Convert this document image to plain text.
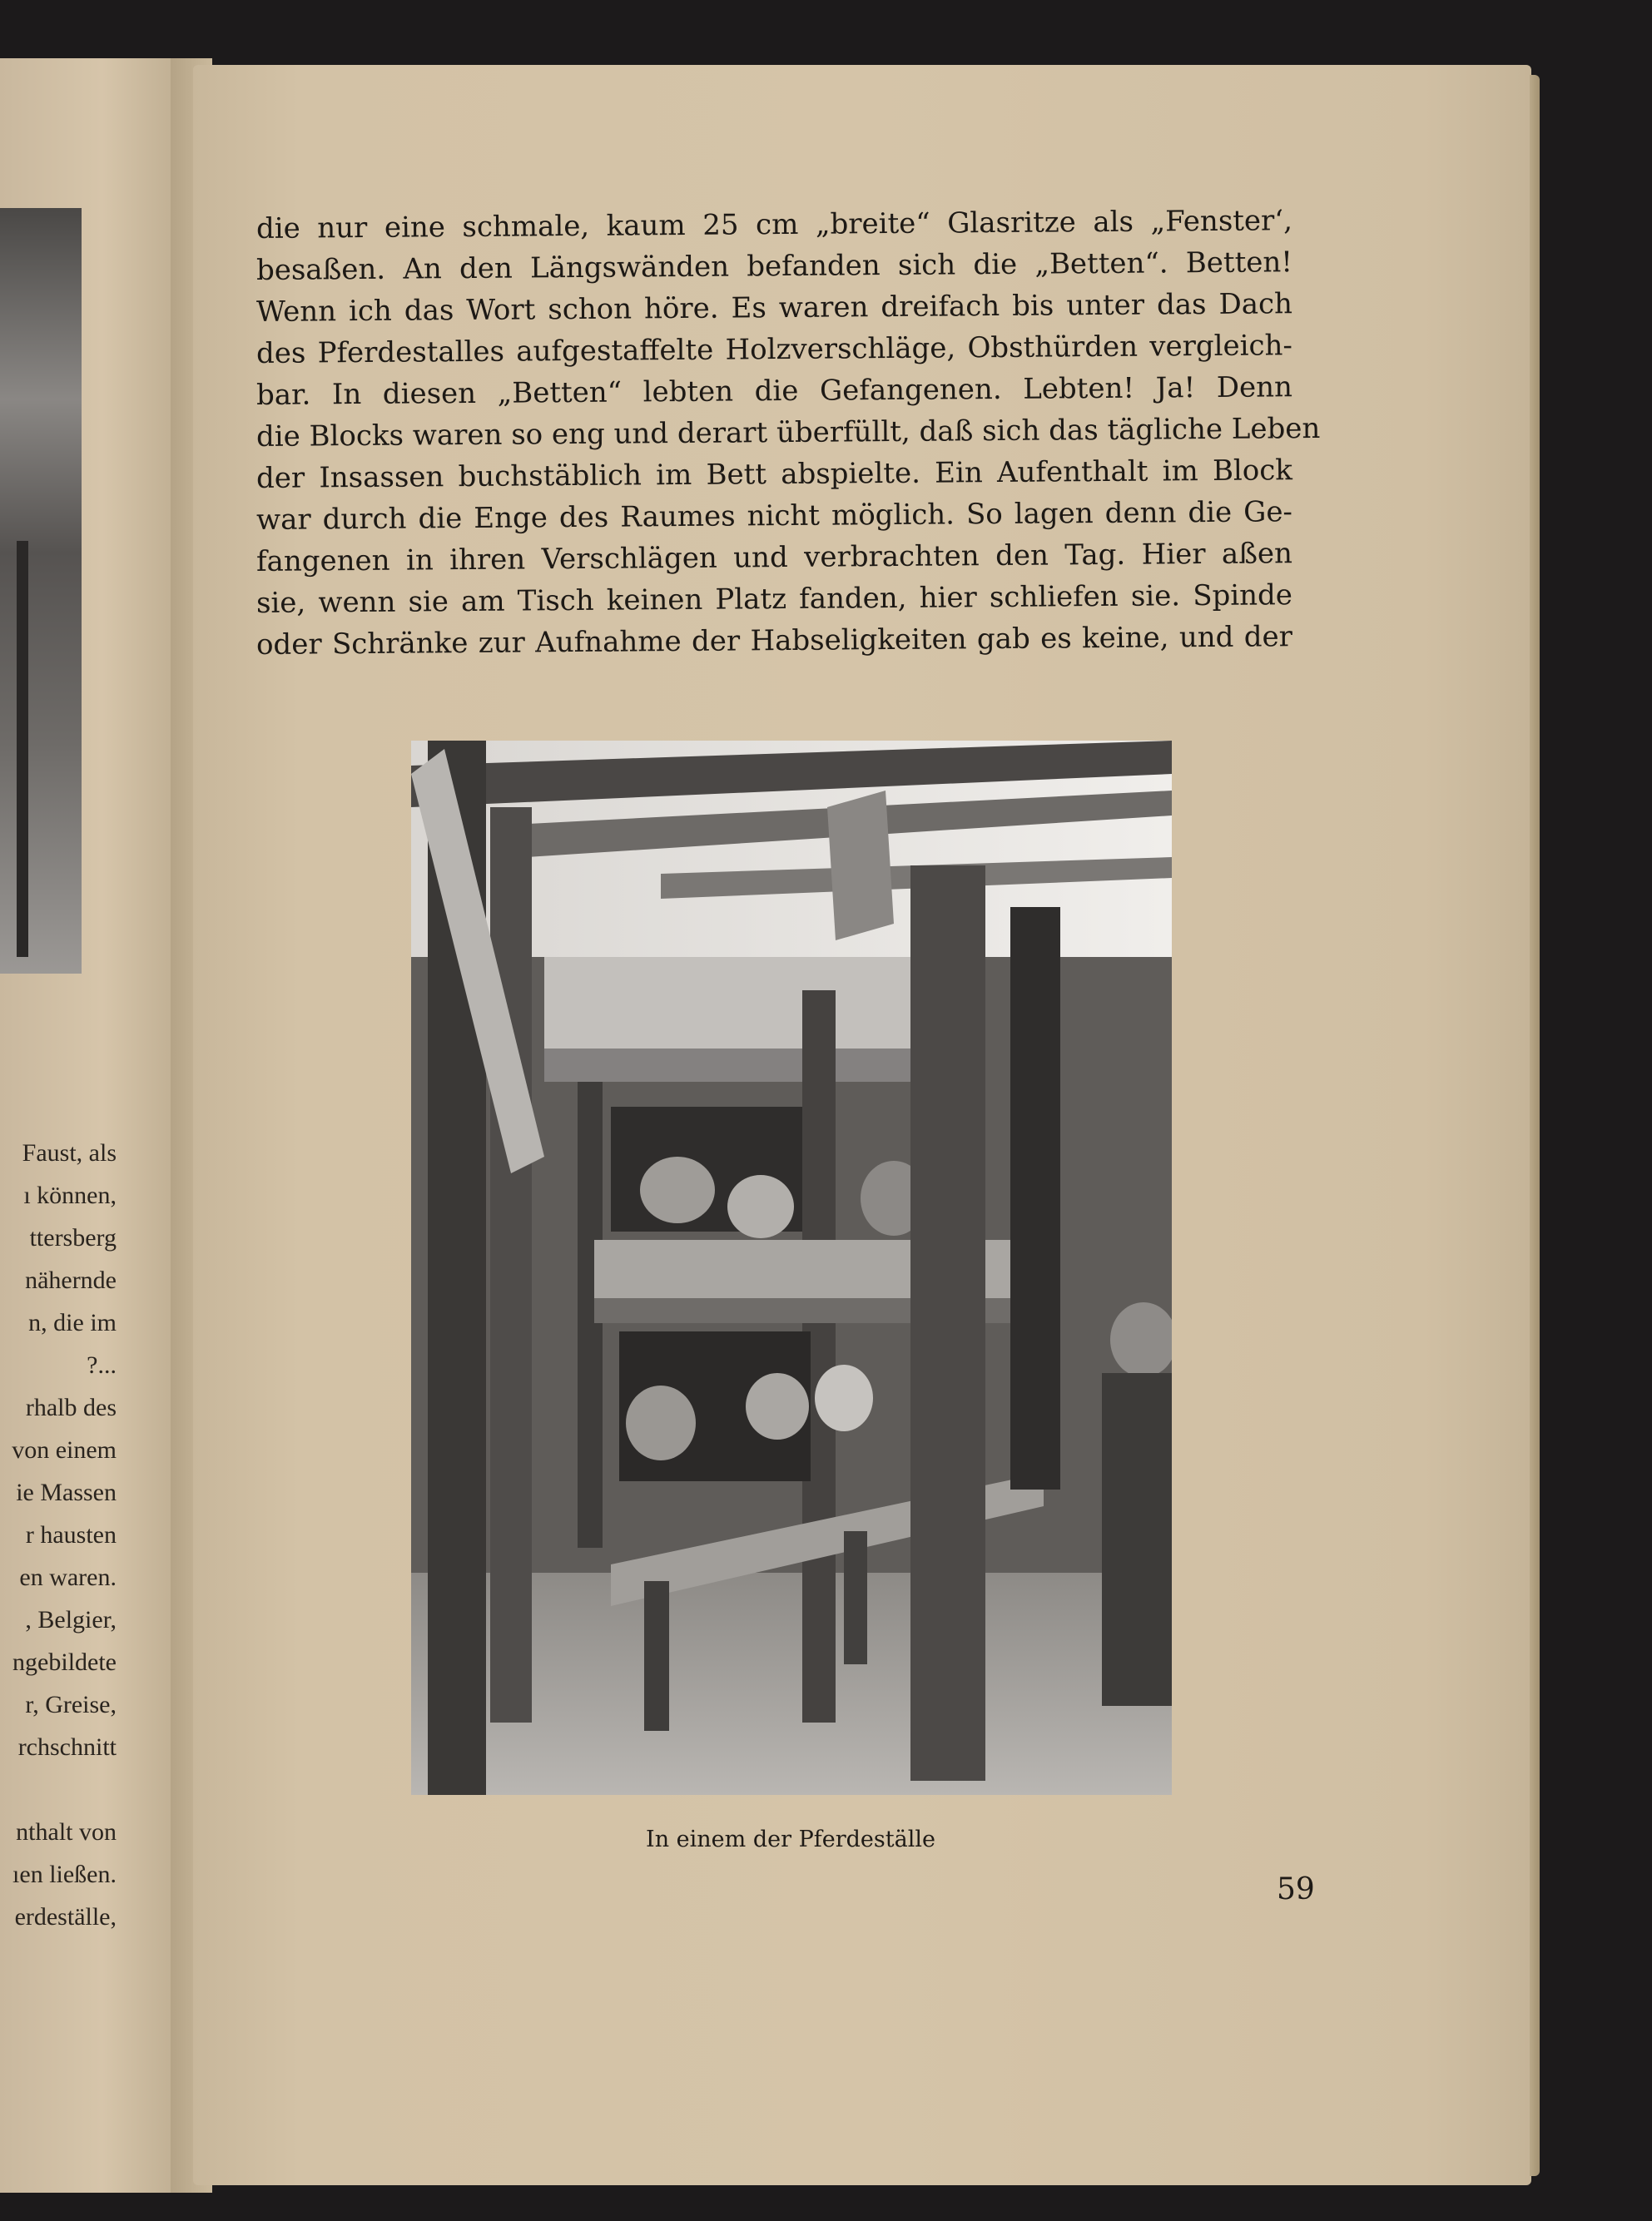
Faust, als
ı können,
ttersberg
nähernde
n, die im
?...
rhalb des
von einem
ie Massen
r hausten
en waren.
, Belgier,
ngebildete
r, Greise,
rchschnitt
nthalt von
ıen ließen.
erdeställe,
die nur eine schmale, kaum 25 cm „breite“ Glasritze als „Fenster‘,
besaßen. An den Längswänden befanden sich die „Betten“. Betten!
Wenn ich das Wort schon höre. Es waren dreifach bis unter das Dach
des Pferdestalles aufgestaffelte Holzverschläge, Obsthürden vergleich-
bar. In diesen „Betten“ lebten die Gefangenen. Lebten! Ja! Denn
die Blocks waren so eng und derart überfüllt, daß sich das tägliche Leben
der Insassen buchstäblich im Bett abspielte. Ein Aufenthalt im Block
war durch die Enge des Raumes nicht möglich. So lagen denn die Ge-
fangenen in ihren Verschlägen und verbrachten den Tag. Hier aßen
sie, wenn sie am Tisch keinen Platz fanden, hier schliefen sie. Spinde
oder Schränke zur Aufnahme der Habseligkeiten gab es keine, und der
In einem der Pferdeställe
59
